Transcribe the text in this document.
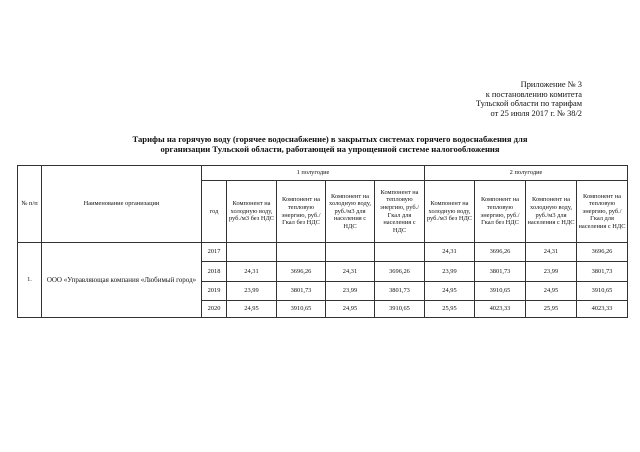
Приложение № 3
к постановлению комитета
Тульской области по тарифам
от 25 июля 2017 г. № 38/2
Тарифы на горячую воду (горячее водоснабжение) в закрытых системах горячего водоснабжения для
организации Тульской области, работающей на упрощенной системе налогообложения
№ п/п	Наименование организации	1 полугодие					2 полугодие			
		год	Компонент на холодную воду, руб./м3 без НДС	Компонент на тепловую энергию, руб./Гкал без НДС	Компонент на холодную воду, руб./м3 для населения с НДС	Компонент на тепловую энергию, руб./Гкал для населения с НДС	Компонент на холодную воду, руб./м3 без НДС	Компонент на тепловую энергию, руб./Гкал без НДС	Компонент на холодную воду, руб./м3 для населения с НДС	Компонент на тепловую энергию, руб./Гкал для населения с НДС
1.	ООО «Управляющая компания «Любимый город»	2017					24,31	3696,26	24,31	3696,26
		2018	24,31	3696,26	24,31	3696,26	23,99	3801,73	23,99	3801,73
		2019	23,99	3801,73	23,99	3801,73	24,95	3910,65	24,95	3910,65
		2020	24,95	3910,65	24,95	3910,65	25,95	4023,33	25,95	4023,33
